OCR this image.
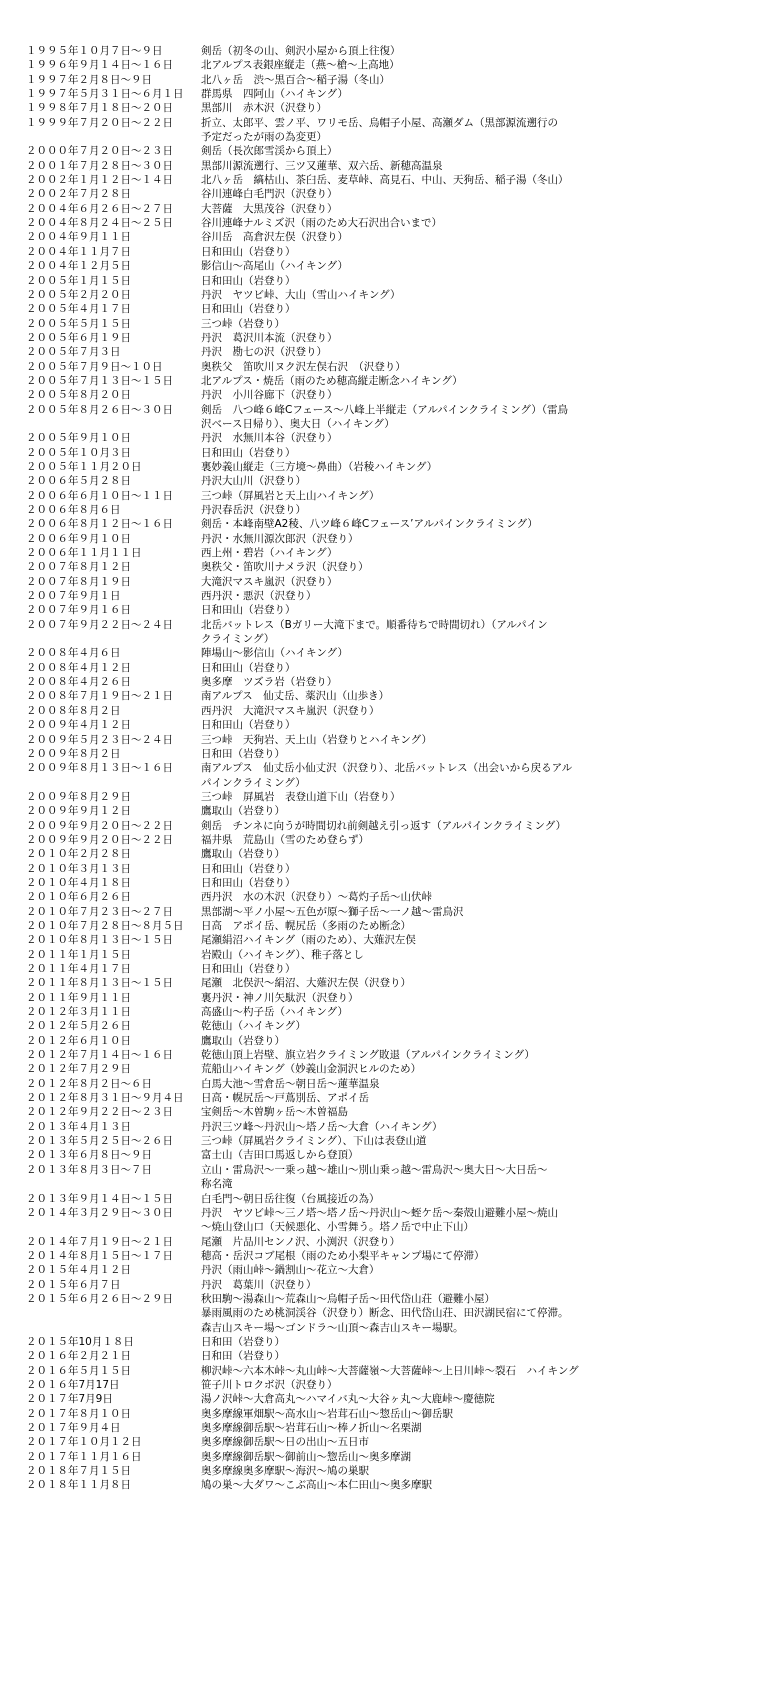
１９９５年１０月７日～９日	剣岳（初冬の山、剣沢小屋から頂上往復）
１９９６年９月１４日～１６日	北アルプス表銀座縦走（燕～槍～上高地）
１９９７年２月８日～９日	北八ヶ岳　渋～黒百合～稲子湯（冬山）
１９９７年５月３１日～６月１日	群馬県　四阿山（ハイキング）
１９９８年７月１８日～２０日	黒部川　赤木沢（沢登り）
１９９９年７月２０日～２２日	折立、太郎平、雲ノ平、ワリモ岳、烏帽子小屋、高瀬ダム（黒部源流遡行の
予定だったが雨の為変更）
２０００年７月２０日～２３日	剣岳（長次郎雪渓から頂上）
２００１年７月２８日～３０日	黒部川源流遡行、三ツ又蓮華、双六岳、新穂高温泉
２００２年１月１２日～１４日	北八ヶ岳　縞枯山、茶臼岳、麦草峠、高見石、中山、天狗岳、稲子湯（冬山）
２００２年７月２８日	谷川連峰白毛門沢（沢登り）
２００４年６月２６日～２７日	大菩薩　大黒茂谷（沢登り）
２００４年８月２４日～２５日	谷川連峰ナルミズ沢（雨のため大石沢出合いまで）
２００４年９月１１日	谷川岳　高倉沢左俣（沢登り）
２００４年１１月７日	日和田山（岩登り）
２００４年１２月５日	影信山～高尾山（ハイキング）
２００５年１月１５日	日和田山（岩登り）
２００５年２月２０日	丹沢　ヤツビ峠、大山（雪山ハイキング）
２００５年４月１７日	日和田山（岩登り）
２００５年５月１５日	三つ峠（岩登り）
２００５年６月１９日	丹沢　葛沢川本流（沢登り）
２００５年７月３日	丹沢　勘七の沢（沢登り）
２００５年７月９日～１０日	奥秩父　笛吹川ヌク沢左俣右沢　（沢登り）
２００５年７月１３日～１５日	北アルプス・焼岳（雨のため穂高縦走断念ハイキング）
２００５年８月２０日	丹沢　小川谷廊下（沢登り）
２００５年８月２６日～３０日	剣岳　八つ峰６峰Cフェース～八峰上半縦走（アルパインクライミング）（雷鳥
沢ベース日帰り）、奥大日（ハイキング）
２００５年９月１０日	丹沢　水無川本谷（沢登り）
２００５年１０月３日	日和田山（岩登り）
２００５年１１月２０日	裏妙義山縦走（三方境～鼻曲）（岩稜ハイキング）
２００６年５月２８日	丹沢大山川（沢登り）
２００６年６月１０日～１１日	三つ峠（屏風岩と天上山ハイキング）
２００６年８月６日	丹沢春岳沢（沢登り）
２００６年８月１２日～１６日	剣岳・本峰南壁A2稜、八ツ峰６峰Cフェース’アルパインクライミング）
２００６年９月１０日	丹沢・水無川源次郎沢（沢登り）
２００６年１１月１１日	西上州・碧岩（ハイキング）
２００７年８月１２日	奥秩父・笛吹川ナメラ沢（沢登り）
２００７年８月１９日	大滝沢マスキ嵐沢（沢登り）
２００７年９月１日	西丹沢・悪沢（沢登り）
２００７年９月１６日	日和田山（岩登り）
２００７年９月２２日～２４日	北岳バットレス（Bガリー大滝下まで。順番待ちで時間切れ）（アルパイン
クライミング）
２００８年４月６日	陣場山～影信山（ハイキング）
２００８年４月１２日	日和田山（岩登り）
２００８年４月２６日	奥多摩　ツズラ岩（岩登り）
２００８年７月１９日～２１日	南アルプス　仙丈岳、薬沢山（山歩き）
２００８年８月２日	西丹沢　大滝沢マスキ嵐沢（沢登り）
２００９年４月１２日	日和田山（岩登り）
２００９年５月２３日～２４日	三つ峠　天狗岩、天上山（岩登りとハイキング）
２００９年８月２日	日和田（岩登り）
２００９年８月１３日～１６日	南アルプス　仙丈岳小仙丈沢（沢登り）、北岳バットレス（出会いから戻るアル
パインクライミング）
２００９年８月２９日	三つ峠　屏風岩　表登山道下山（岩登り）
２００９年９月１２日	鷹取山（岩登り）
２００９年９月２０日～２２日	剣岳　チンネに向うが時間切れ前剣越え引っ返す（アルパインクライミング）
２００９年９月２０日～２２日	福井県　荒島山（雪のため登らず）
２０１０年２月２８日	鷹取山（岩登り）
２０１０年３月１３日	日和田山（岩登り）
２０１０年４月１８日	日和田山（岩登り）
２０１０年６月２６日	西丹沢　水の木沢（沢登り）～葛灼子岳～山伏峠
２０１０年７月２３日～２７日	黒部湖～平ノ小屋～五色が原～獅子岳～一ノ越～雷鳥沢
２０１０年７月２８日～８月５日	日高　アポイ岳、幌尻岳（多雨のため断念）
２０１０年８月１３日～１５日	尾瀬絹沼ハイキング（雨のため）、大薙沢左俣
２０１１年１月１５日	岩殿山（ハイキング）、稚子落とし
２０１１年４月１７日	日和田山（岩登り）
２０１１年８月１３日～１５日	尾瀬　北俣沢～絹沼、大薙沢左俣（沢登り）
２０１１年９月１１日	裏丹沢・神ノ川矢駄沢（沢登り）
２０１２年３月１１日	高盛山～杓子岳（ハイキング）
２０１２年５月２６日	乾徳山（ハイキング）
２０１２年６月１０日	鷹取山（岩登り）
２０１２年７月１４日～１６日	乾徳山頂上岩壁、旗立岩クライミング敗退（アルパインクライミング）
２０１２年７月２９日	荒船山ハイキング（妙義山金洞沢ヒルのため）
２０１２年８月２日～６日	白馬大池～雪倉岳～朝日岳～蓮華温泉
２０１２年８月３１日～９月４日	日高・幌尻岳～戸蔦別岳、アポイ岳
２０１２年９月２２日～２３日	宝剣岳～木曽駒ヶ岳～木曽福島
２０１３年４月１３日	丹沢三ツ峰～丹沢山～塔ノ岳～大倉（ハイキング）
２０１３年５月２５日～２６日	三つ峠（屏風岩クライミング）、下山は表登山道
２０１３年６月８日～９日	富士山（吉田口馬返しから登頂）
２０１３年８月３日～７日	立山・雷鳥沢～一乗っ越～雄山～別山乗っ越～雷鳥沢～奥大日～大日岳～
称名滝
２０１３年９月１４日～１５日	白毛門～朝日岳往復（台風接近の為）
２０１４年３月２９日～３０日	丹沢　ヤツビ峠～三ノ塔～塔ノ岳～丹沢山～蛭ケ岳～秦殻山避難小屋～焼山
～焼山登山口（天候悪化、小雪舞う。塔ノ岳で中止下山）
２０１４年７月１９日～２１日	尾瀬　片品川センノ沢、小渕沢（沢登り）
２０１４年８月１５日～１７日	穂高・岳沢コブ尾根（雨のため小梨平キャンプ場にて停滞）
２０１５年４月１２日	丹沢（雨山峠～鍋割山～花立～大倉）
２０１５年６月７日	丹沢　葛葉川（沢登り）
２０１５年６月２６日～２９日	秋田駒～湯森山～荒森山～烏帽子岳～田代岱山荘（避難小屋）
暴雨風雨のため桃洞渓谷（沢登り）断念、田代岱山荘、田沢湖民宿にて停滞。
森吉山スキー場～ゴンドラ～山頂～森吉山スキー場駅。
２０１５年10月１８日	日和田（岩登り）
２０１６年２月２１日	日和田（岩登り）
２０１６年５月１５日	柳沢峠～六本木峠～丸山峠～大菩薩嶺～大菩薩峠～上日川峠～裂石　ハイキング
２０１６年7月17日	笹子川トロクボ沢（沢登り）
２０１７年7月9日	湯ノ沢峠～大倉高丸～ハマイバ丸～大谷ヶ丸～大鹿峠～慶徳院
２０１７年８月１０日	奥多摩線軍畑駅～高水山～岩茸石山～惣岳山～御岳駅
２０１７年９月４日	奥多摩線御岳駅～岩茸石山～棒ノ折山～名栗湖
２０１７年１０月１２日	奥多摩線御岳駅～日の出山～五日市
２０１７年１１月１６日	奥多摩線御岳駅～御前山～惣岳山～奥多摩湖
２０１８年７月１５日	奥多摩線奥多摩駅～海沢～鳩の巣駅
２０１８年１１月８日	鳩の巣～大ダワ～こぶ高山～本仁田山～奥多摩駅
